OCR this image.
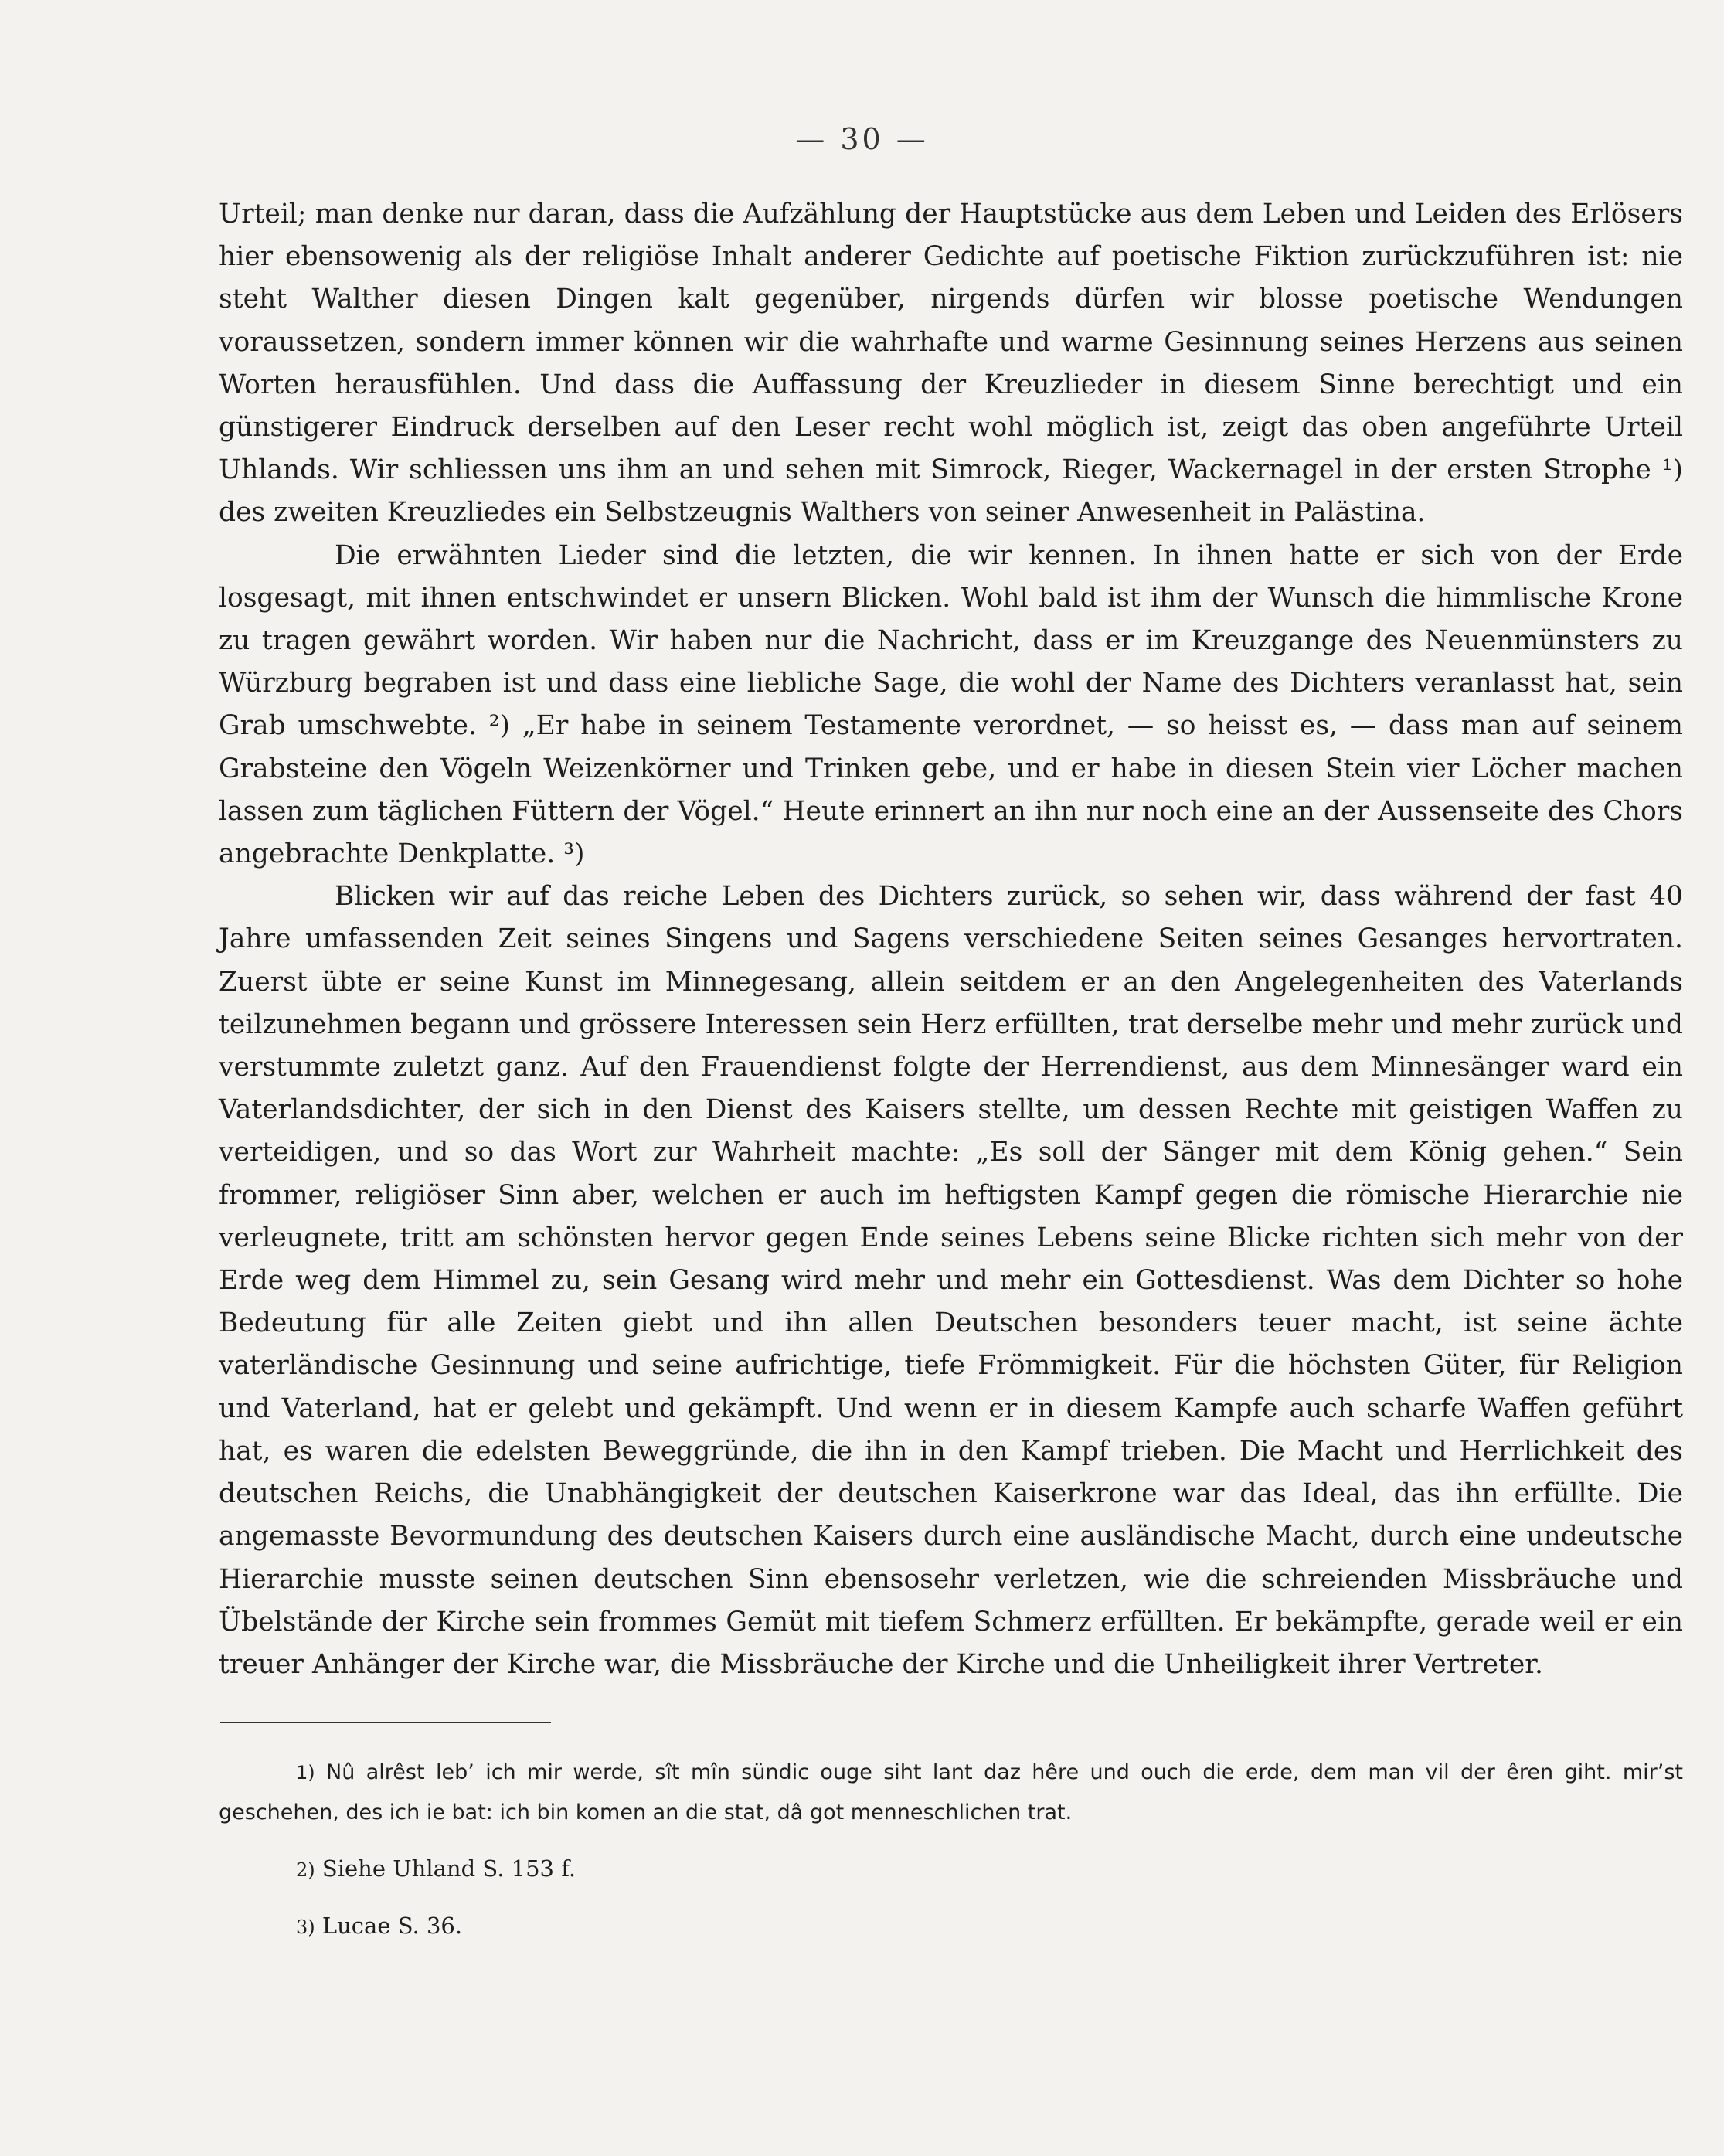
— 30 —

Urteil; man denke nur daran, dass die Aufzählung der Hauptstücke aus dem Leben und Leiden des Erlösers hier ebensowenig als der religiöse Inhalt anderer Gedichte auf poetische Fiktion zurückzuführen ist: nie steht Walther diesen Dingen kalt gegenüber, nirgends dürfen wir blosse poetische Wendungen voraussetzen, sondern immer können wir die wahrhafte und warme Gesinnung seines Herzens aus seinen Worten herausfühlen. Und dass die Auffassung der Kreuzlieder in diesem Sinne berechtigt und ein günstigerer Eindruck derselben auf den Leser recht wohl möglich ist, zeigt das oben angeführte Urteil Uhlands. Wir schliessen uns ihm an und sehen mit Simrock, Rieger, Wackernagel in der ersten Strophe ¹) des zweiten Kreuzliedes ein Selbstzeugnis Walthers von seiner Anwesenheit in Palästina.

Die erwähnten Lieder sind die letzten, die wir kennen. In ihnen hatte er sich von der Erde losgesagt, mit ihnen entschwindet er unsern Blicken. Wohl bald ist ihm der Wunsch die himmlische Krone zu tragen gewährt worden. Wir haben nur die Nachricht, dass er im Kreuzgange des Neuenmünsters zu Würzburg begraben ist und dass eine liebliche Sage, die wohl der Name des Dichters veranlasst hat, sein Grab umschwebte. ²) „Er habe in seinem Testamente verordnet, — so heisst es, — dass man auf seinem Grabsteine den Vögeln Weizenkörner und Trinken gebe, und er habe in diesen Stein vier Löcher machen lassen zum täglichen Füttern der Vögel.“ Heute erinnert an ihn nur noch eine an der Aussenseite des Chors angebrachte Denkplatte. ³)

Blicken wir auf das reiche Leben des Dichters zurück, so sehen wir, dass während der fast 40 Jahre umfassenden Zeit seines Singens und Sagens verschiedene Seiten seines Gesanges hervortraten. Zuerst übte er seine Kunst im Minnegesang, allein seitdem er an den Angelegenheiten des Vaterlands teilzunehmen begann und grössere Interessen sein Herz erfüllten, trat derselbe mehr und mehr zurück und verstummte zuletzt ganz. Auf den Frauendienst folgte der Herrendienst, aus dem Minnesänger ward ein Vaterlandsdichter, der sich in den Dienst des Kaisers stellte, um dessen Rechte mit geistigen Waffen zu verteidigen, und so das Wort zur Wahrheit machte: „Es soll der Sänger mit dem König gehen.“ Sein frommer, religiöser Sinn aber, welchen er auch im heftigsten Kampf gegen die römische Hierarchie nie verleugnete, tritt am schönsten hervor gegen Ende seines Lebens seine Blicke richten sich mehr von der Erde weg dem Himmel zu, sein Gesang wird mehr und mehr ein Gottesdienst. Was dem Dichter so hohe Bedeutung für alle Zeiten giebt und ihn allen Deutschen besonders teuer macht, ist seine ächte vaterländische Gesinnung und seine aufrichtige, tiefe Frömmigkeit. Für die höchsten Güter, für Religion und Vaterland, hat er gelebt und gekämpft. Und wenn er in diesem Kampfe auch scharfe Waffen geführt hat, es waren die edelsten Beweggründe, die ihn in den Kampf trieben. Die Macht und Herrlichkeit des deutschen Reichs, die Unabhängigkeit der deutschen Kaiserkrone war das Ideal, das ihn erfüllte. Die angemasste Bevormundung des deutschen Kaisers durch eine ausländische Macht, durch eine undeutsche Hierarchie musste seinen deutschen Sinn ebensosehr verletzen, wie die schreienden Missbräuche und Übelstände der Kirche sein frommes Gemüt mit tiefem Schmerz erfüllten. Er bekämpfte, gerade weil er ein treuer Anhänger der Kirche war, die Missbräuche der Kirche und die Unheiligkeit ihrer Vertreter.

1) Nû alrêst leb’ ich mir werde, sît mîn sündic ouge siht lant daz hêre und ouch die erde, dem man vil der êren giht. mir’st geschehen, des ich ie bat: ich bin komen an die stat, dâ got menneschlichen trat.
2) Siehe Uhland S. 153 f.
3) Lucae S. 36.
